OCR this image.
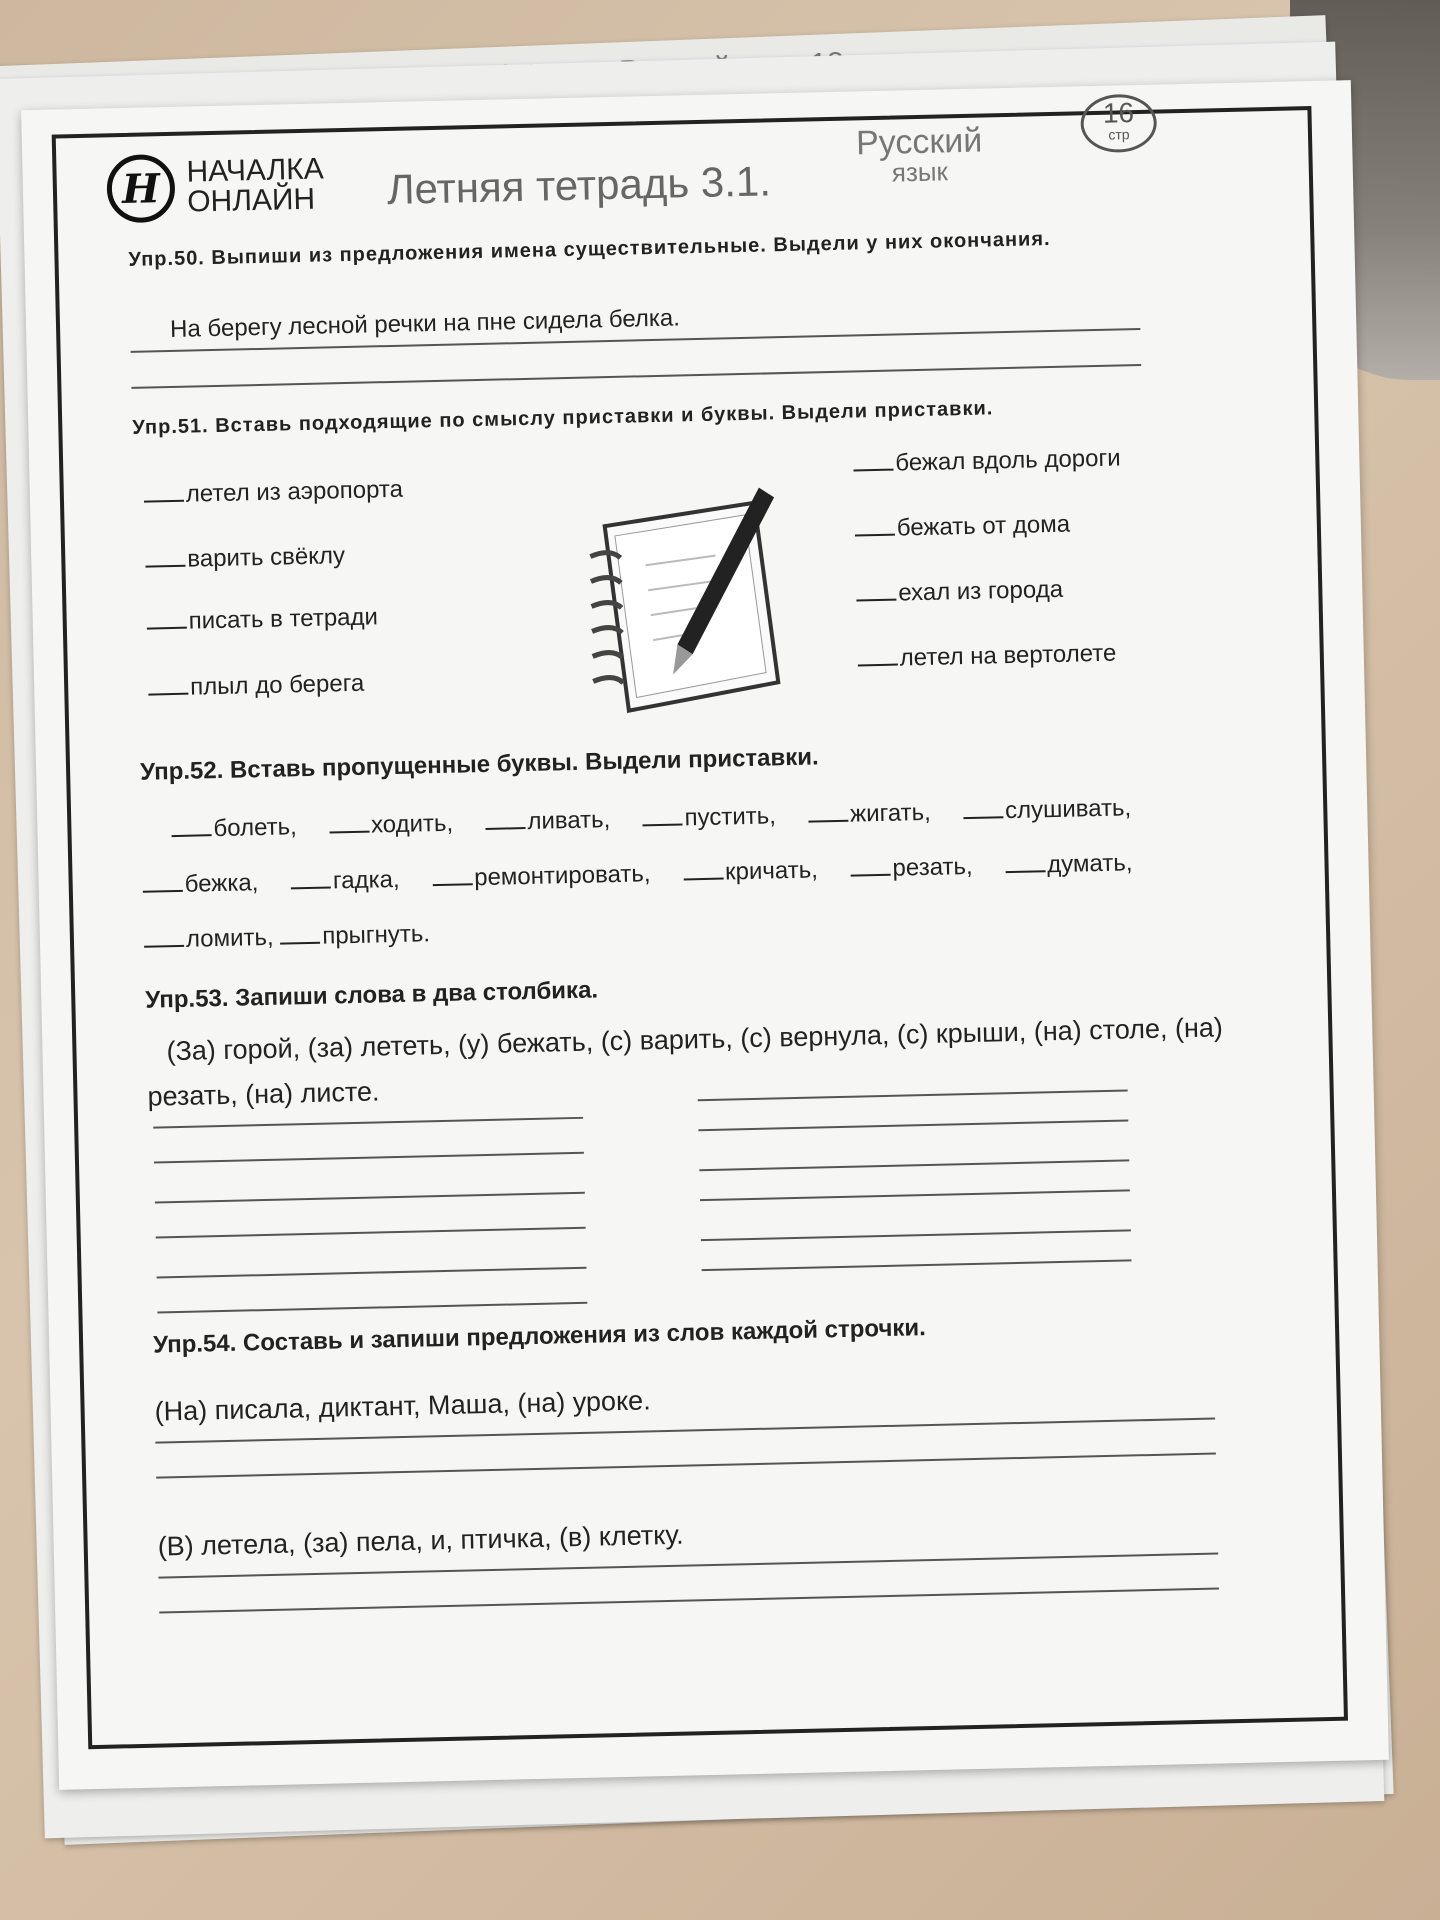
Н НАЧАЛКА
ОНЛАЙН Летняя тетрадь 3.1.
Русский
язык
16
стр
Упр.50. Выпиши из предложения имена существительные. Выдели у них окончания.
На берегу лесной речки на пне сидела белка.
Упр.51. Вставь подходящие по смыслу приставки и буквы. Выдели приставки.
летел из аэропорта
варить свёклу
писать в тетради
плыл до берега
бежал вдоль дороги
бежать от дома
ехал из города
летел на вертолете
Упр.52. Вставь пропущенные буквы. Выдели приставки.
болеть,	ходить,	ливать,	пустить,	жигать,	слушивать,
бежка,	гадка,	ремонтировать,	кричать,	резать,	думать,
ломить, прыгнуть.
Упр.53. Запиши слова в два столбика.
(За) горой, (за) лететь, (у) бежать, (с) варить, (с) вернула, (с) крыши, (на) столе, (на)
резать, (на) листе.
Упр.54. Составь и запиши предложения из слов каждой строчки.
(На) писала, диктант, Маша, (на) уроке.
(В) летела, (за) пела, и, птичка, (в) клетку.
